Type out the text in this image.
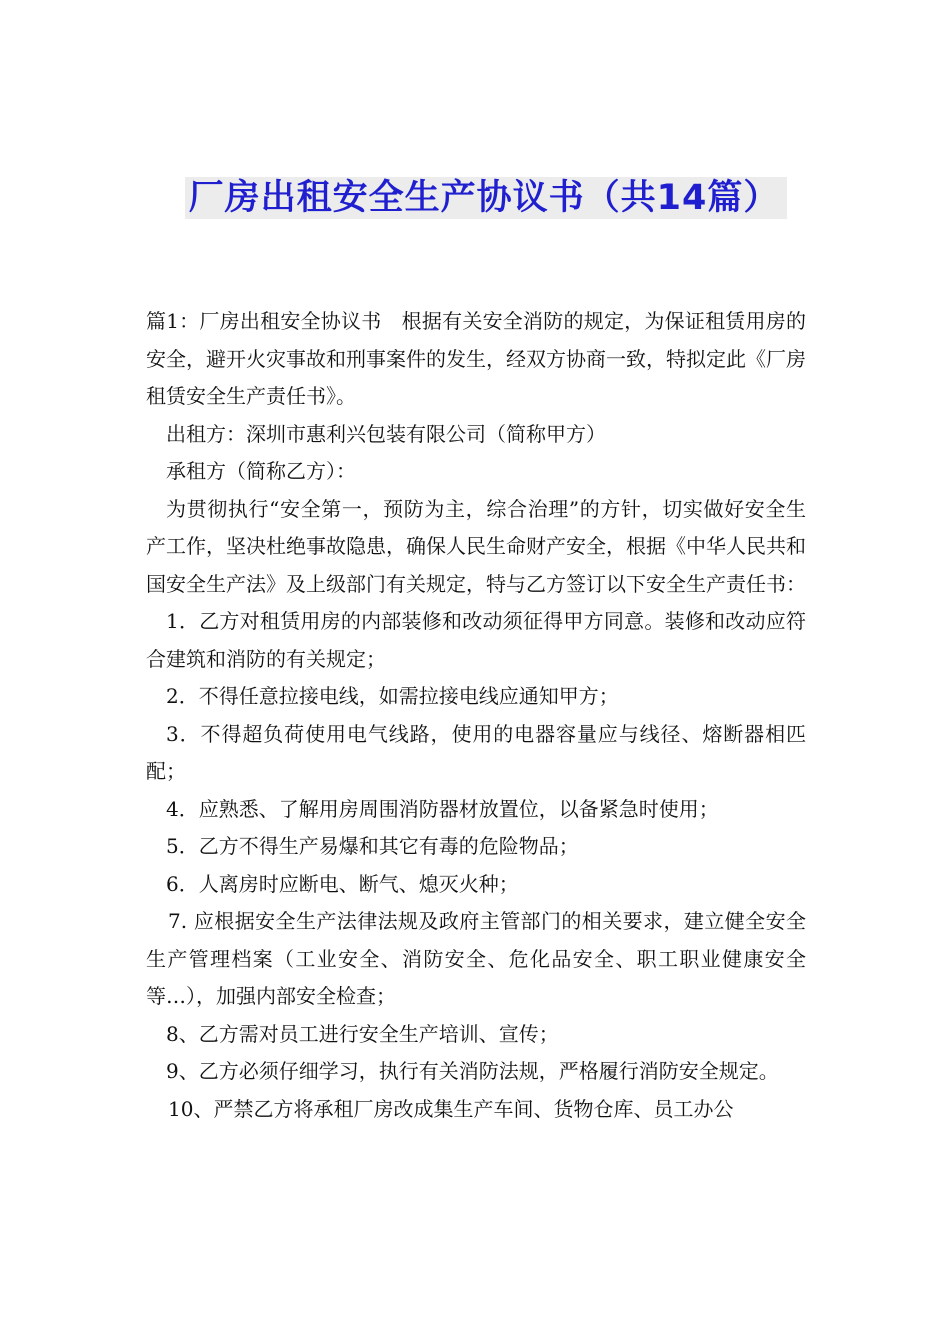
厂房出租安全生产协议书（共14篇）

篇1：厂房出租安全协议书　根据有关安全消防的规定，为保证租赁用房的安全，避开火灾事故和刑事案件的发生，经双方协商一致，特拟定此《厂房租赁安全生产责任书》。

出租方：深圳市惠利兴包装有限公司（简称甲方）

承租方（简称乙方）：

为贯彻执行“安全第一，预防为主，综合治理”的方针，切实做好安全生产工作，坚决杜绝事故隐患，确保人民生命财产安全，根据《中华人民共和国安全生产法》及上级部门有关规定，特与乙方签订以下安全生产责任书：

1．乙方对租赁用房的内部装修和改动须征得甲方同意。装修和改动应符合建筑和消防的有关规定；

2．不得任意拉接电线，如需拉接电线应通知甲方；

3．不得超负荷使用电气线路，使用的电器容量应与线径、熔断器相匹配；

4．应熟悉、了解用房周围消防器材放置位，以备紧急时使用；

5．乙方不得生产易爆和其它有毒的危险物品；

6．人离房时应断电、断气、熄灭火种；

7. 应根据安全生产法律法规及政府主管部门的相关要求，建立健全安全生产管理档案（工业安全、消防安全、危化品安全、职工职业健康安全等…），加强内部安全检查；

8、乙方需对员工进行安全生产培训、宣传；

9、乙方必须仔细学习，执行有关消防法规，严格履行消防安全规定。

10、严禁乙方将承租厂房改成集生产车间、货物仓库、员工办公
